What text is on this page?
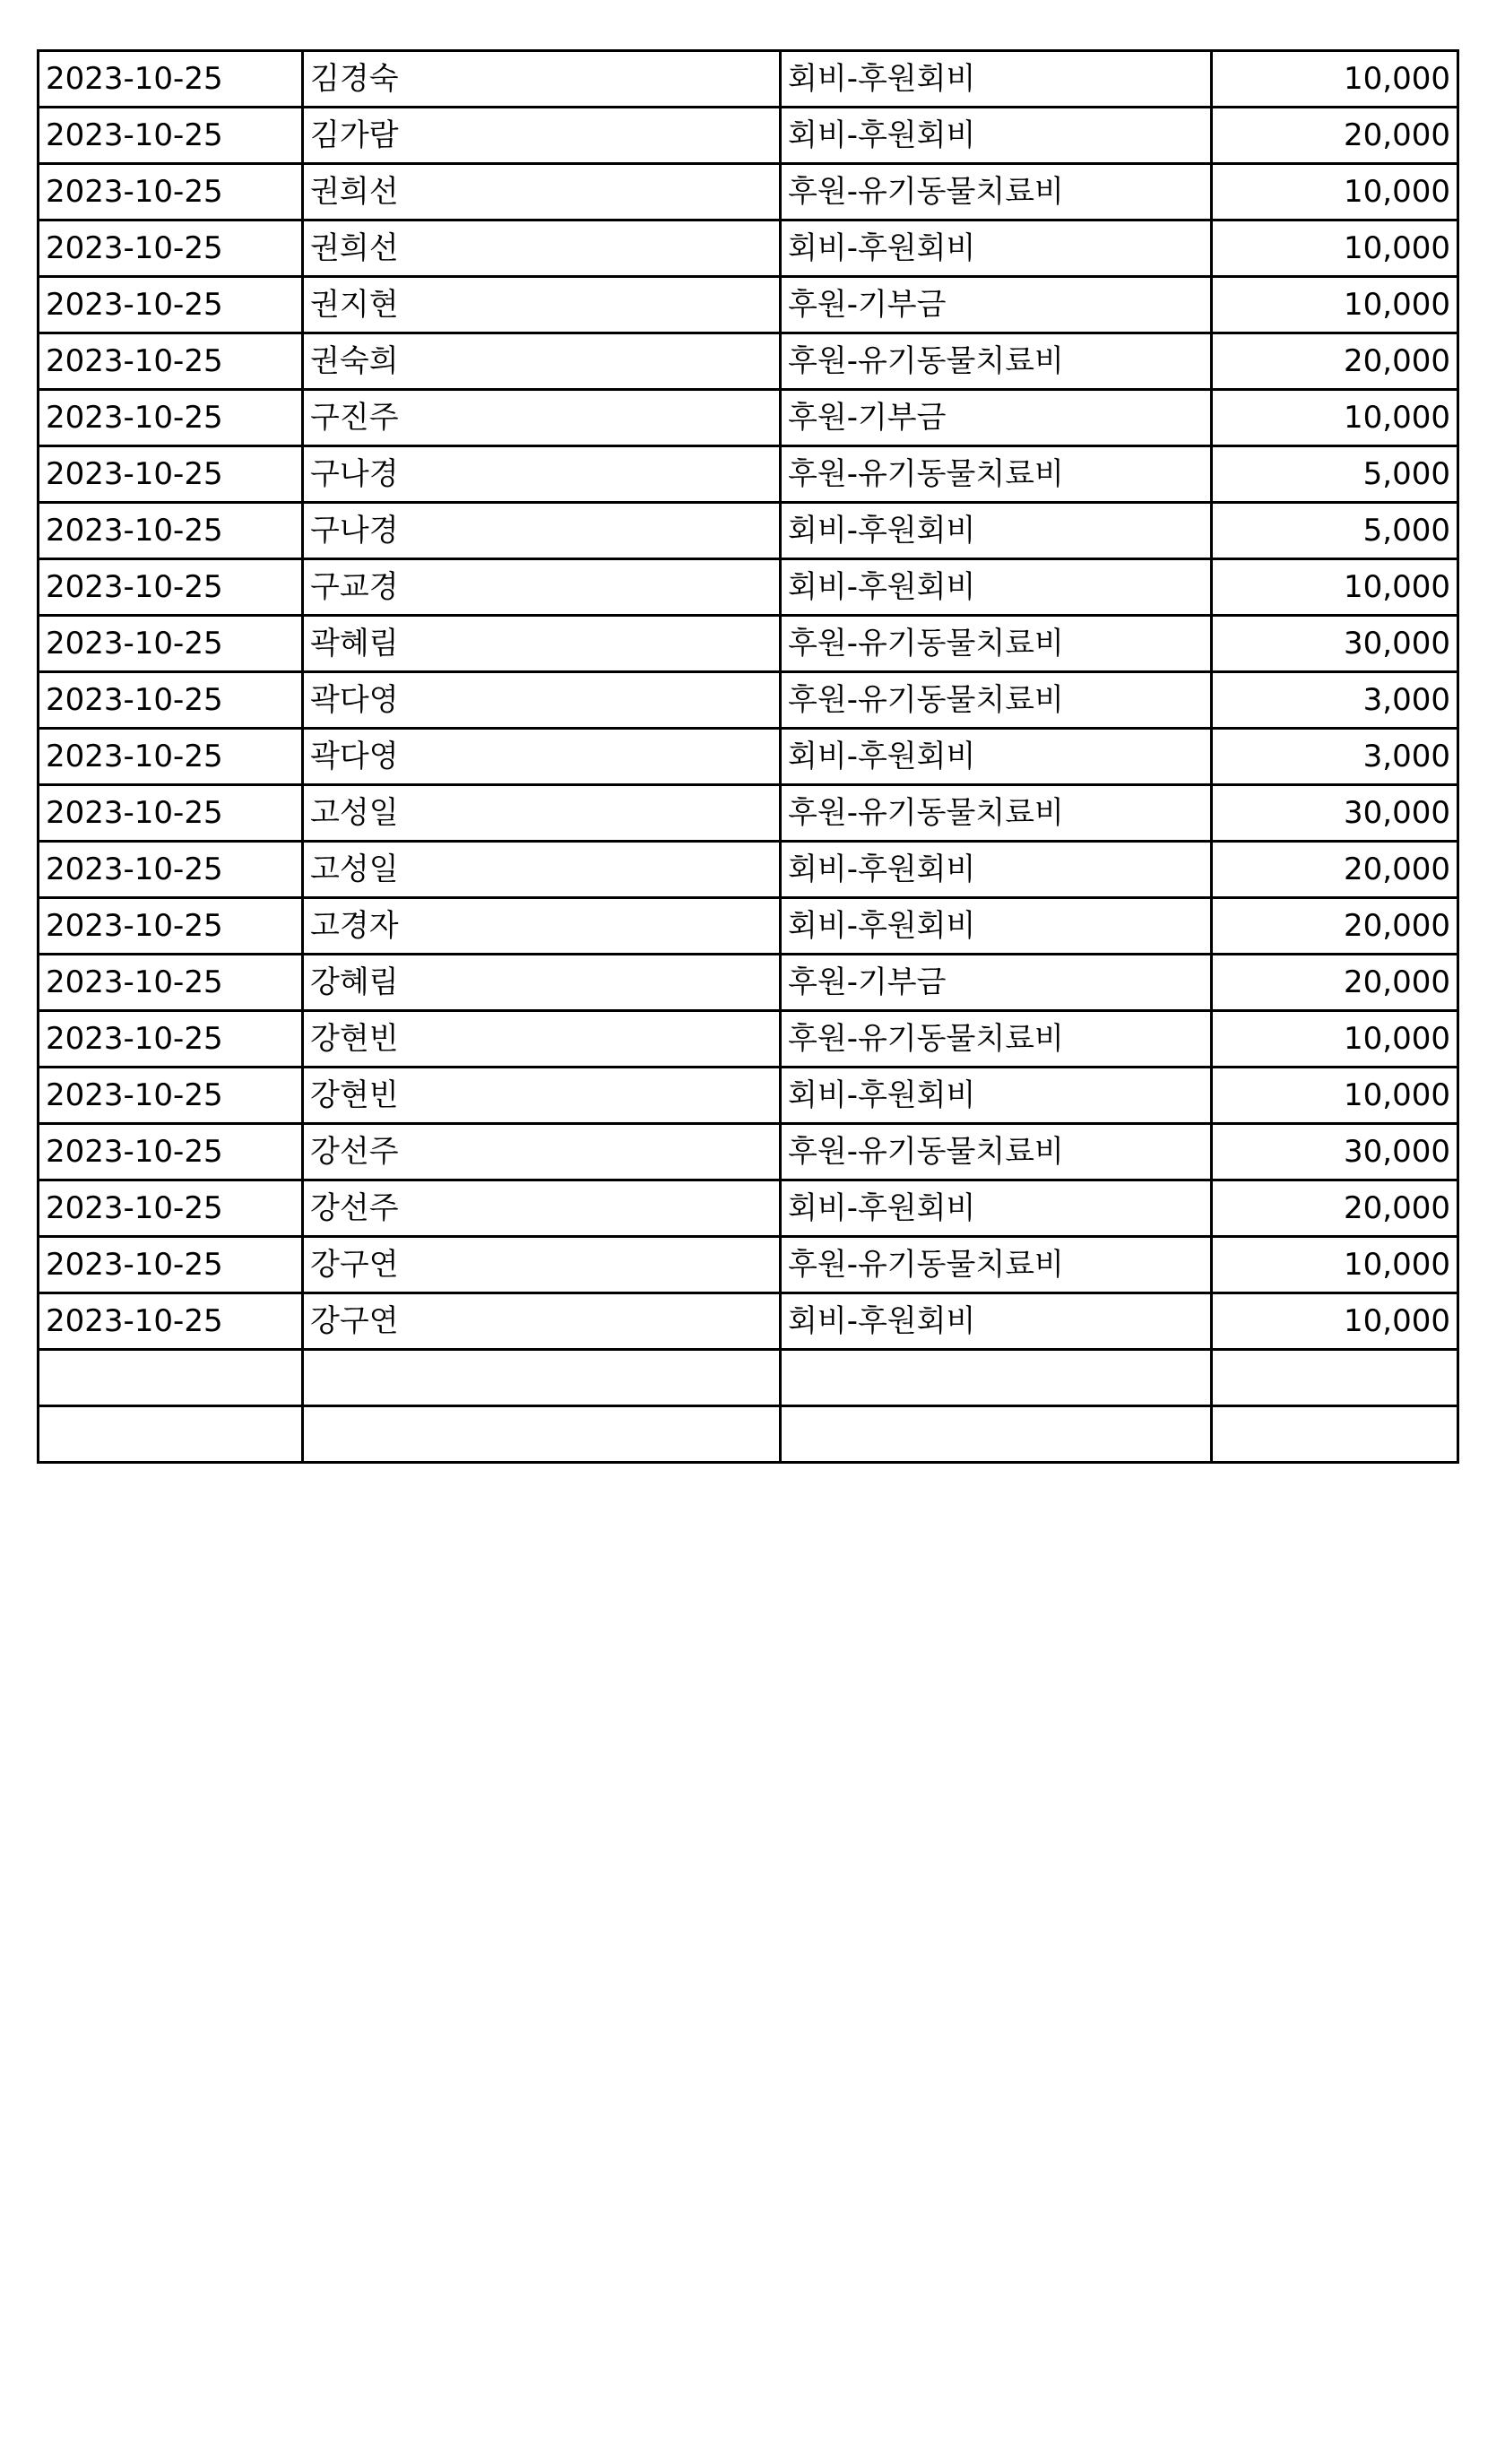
2023-10-25	김경숙	회비-후원회비	10,000
2023-10-25	김가람	회비-후원회비	20,000
2023-10-25	권희선	후원-유기동물치료비	10,000
2023-10-25	권희선	회비-후원회비	10,000
2023-10-25	권지현	후원-기부금	10,000
2023-10-25	권숙희	후원-유기동물치료비	20,000
2023-10-25	구진주	후원-기부금	10,000
2023-10-25	구나경	후원-유기동물치료비	5,000
2023-10-25	구나경	회비-후원회비	5,000
2023-10-25	구교경	회비-후원회비	10,000
2023-10-25	곽혜림	후원-유기동물치료비	30,000
2023-10-25	곽다영	후원-유기동물치료비	3,000
2023-10-25	곽다영	회비-후원회비	3,000
2023-10-25	고성일	후원-유기동물치료비	30,000
2023-10-25	고성일	회비-후원회비	20,000
2023-10-25	고경자	회비-후원회비	20,000
2023-10-25	강혜림	후원-기부금	20,000
2023-10-25	강현빈	후원-유기동물치료비	10,000
2023-10-25	강현빈	회비-후원회비	10,000
2023-10-25	강선주	후원-유기동물치료비	30,000
2023-10-25	강선주	회비-후원회비	20,000
2023-10-25	강구연	후원-유기동물치료비	10,000
2023-10-25	강구연	회비-후원회비	10,000
